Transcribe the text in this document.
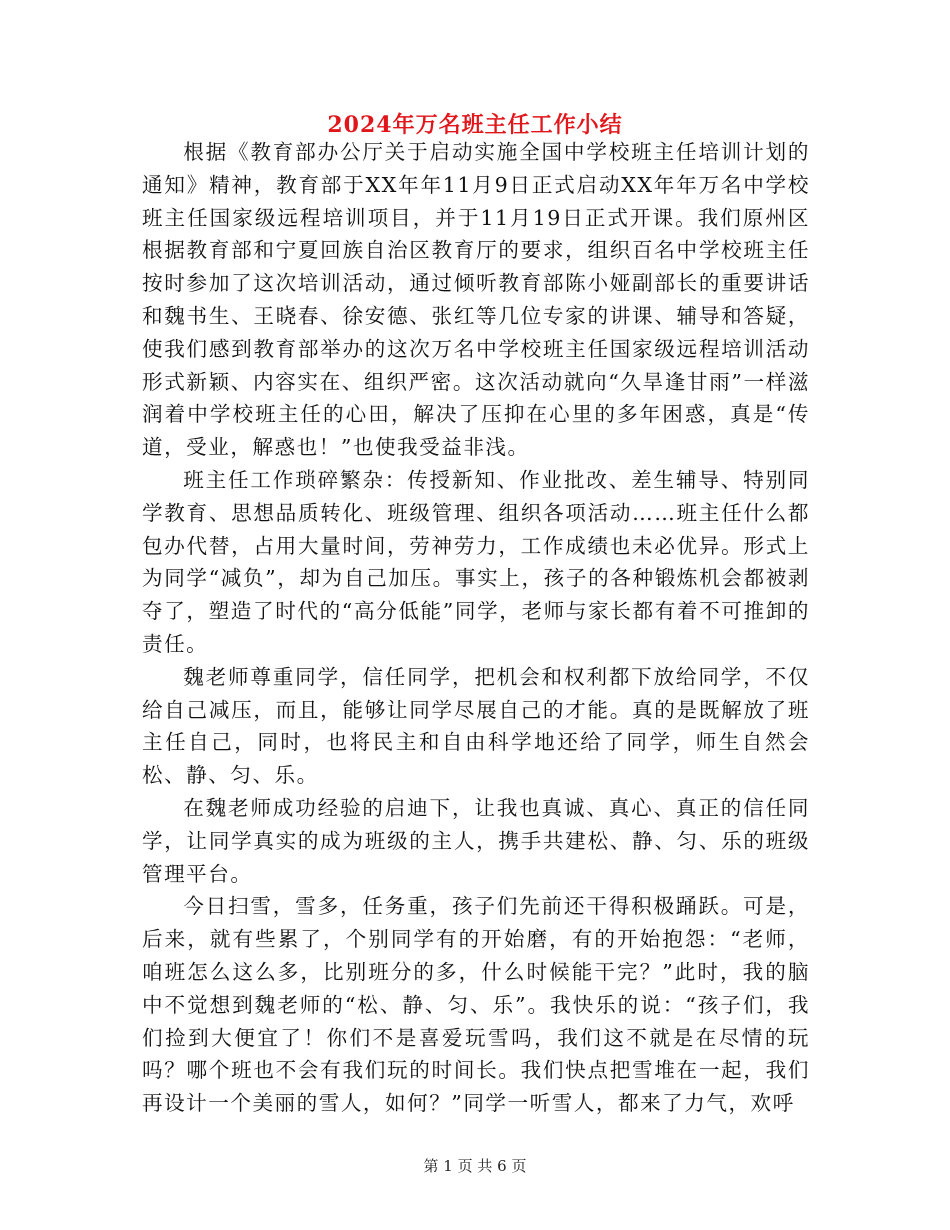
2024年万名班主任工作小结

根据《教育部办公厅关于启动实施全国中学校班主任培训计划的通知》精神，教育部于XX年年11月9日正式启动XX年年万名中学校班主任国家级远程培训项目，并于11月19日正式开课。我们原州区根据教育部和宁夏回族自治区教育厅的要求，组织百名中学校班主任按时参加了这次培训活动，通过倾听教育部陈小娅副部长的重要讲话和魏书生、王晓春、徐安德、张红等几位专家的讲课、辅导和答疑，使我们感到教育部举办的这次万名中学校班主任国家级远程培训活动形式新颖、内容实在、组织严密。这次活动就向“久旱逢甘雨”一样滋润着中学校班主任的心田，解决了压抑在心里的多年困惑，真是“传道，受业，解惑也！”也使我受益非浅。

班主任工作琐碎繁杂：传授新知、作业批改、差生辅导、特别同学教育、思想品质转化、班级管理、组织各项活动……班主任什么都包办代替，占用大量时间，劳神劳力，工作成绩也未必优异。形式上为同学“减负”，却为自己加压。事实上，孩子的各种锻炼机会都被剥夺了，塑造了时代的“高分低能”同学，老师与家长都有着不可推卸的责任。

魏老师尊重同学，信任同学，把机会和权利都下放给同学，不仅给自己减压，而且，能够让同学尽展自己的才能。真的是既解放了班主任自己，同时，也将民主和自由科学地还给了同学，师生自然会松、静、匀、乐。

在魏老师成功经验的启迪下，让我也真诚、真心、真正的信任同学，让同学真实的成为班级的主人，携手共建松、静、匀、乐的班级管理平台。

今日扫雪，雪多，任务重，孩子们先前还干得积极踊跃。可是，后来，就有些累了，个别同学有的开始磨，有的开始抱怨：“老师，咱班怎么这么多，比别班分的多，什么时候能干完？”此时，我的脑中不觉想到魏老师的“松、静、匀、乐”。我快乐的说：“孩子们，我们捡到大便宜了！你们不是喜爱玩雪吗，我们这不就是在尽情的玩吗？哪个班也不会有我们玩的时间长。我们快点把雪堆在一起，我们再设计一个美丽的雪人，如何？”同学一听雪人，都来了力气，欢呼

第 1 页 共 6 页
